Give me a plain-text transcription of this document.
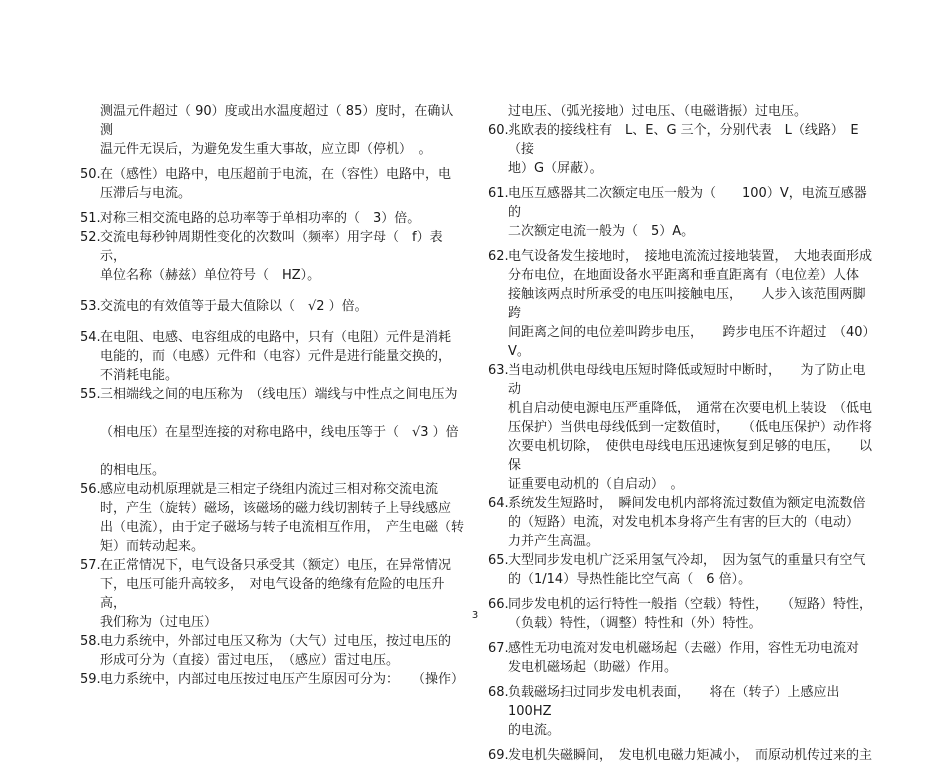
测温元件超过（ 90）度或出水温度超过（ 85）度时，在确认测
温元件无误后，为避免发生重大事故，应立即（停机）　。
50. 在（感性）电路中，电压超前于电流，在（容性）电路中，电
压滞后与电流。
51. 对称三相交流电路的总功率等于单相功率的（　3）倍。
52. 交流电每秒钟周期性变化的次数叫（频率）用字母（　f）表示，
单位名称（赫兹）单位符号（　HZ）。
53. 交流电的有效值等于最大值除以（　√2 ）倍。
54. 在电阻、电感、电容组成的电路中，只有（电阻）元件是消耗
电能的，而（电感）元件和（电容）元件是进行能量交换的，
不消耗电能。
55. 三相端线之间的电压称为　（线电压）端线与中性点之间电压为

（相电压）在星型连接的对称电路中，线电压等于（　√3 ）倍

的相电压。
56. 感应电动机原理就是三相定子绕组内流过三相对称交流电流
时，产生（旋转）磁场，该磁场的磁力线切割转子上导线感应
出（电流），由于定子磁场与转子电流相互作用，　产生电磁（转
矩）而转动起来。
57. 在正常情况下，电气设备只承受其（额定）电压，在异常情况
下，电压可能升高较多，　对电气设备的绝缘有危险的电压升高，
我们称为（过电压）
58. 电力系统中，外部过电压又称为（大气）过电压，按过电压的
形成可分为（直接）雷过电压，　（感应）雷过电压。
59. 电力系统中，内部过电压按过电压产生原因可分为：　　（操作）
过电压、（弧光接地）过电压、（电磁谐振）过电压。
60. 兆欧表的接线柱有　L、E、G 三个，分别代表　L（线路）　E（接
地）G（屏蔽）。
61. 电压互感器其二次额定电压一般为（　　100）V，电流互感器的
二次额定电流一般为（　5）A。
62. 电气设备发生接地时，　接地电流流过接地装置，　大地表面形成
分布电位，在地面设备水平距离和垂直距离有（电位差）人体
接触该两点时所承受的电压叫接触电压，　　人步入该范围两脚跨
间距离之间的电位差叫跨步电压，　　跨步电压不许超过　（40）V。
63. 当电动机供电母线电压短时降低或短时中断时，　　为了防止电动
机自启动使电源电压严重降低，　通常在次要电机上装设　（低电
压保护）当供电母线低到一定数值时，　　（低电压保护）动作将
次要电机切除，　使供电母线电压迅速恢复到足够的电压，　　以保
证重要电动机的（自启动）　。
64. 系统发生短路时，　瞬间发电机内部将流过数值为额定电流数倍
的（短路）电流，对发电机本身将产生有害的巨大的（电动）
力并产生高温。
65. 大型同步发电机广泛采用氢气冷却，　因为氢气的重量只有空气
的（1/14）导热性能比空气高（　6 倍）。
66. 同步发电机的运行特性一般指（空载）特性，　　（短路）特性，
（负载）特性，（调整）特性和（外）特性。
67. 感性无功电流对发电机磁场起（去磁）作用，容性无功电流对
发电机磁场起（助磁）作用。
68. 负载磁场扫过同步发电机表面，　　将在（转子）上感应出　100HZ
的电流。
69. 发电机失磁瞬间，　发电机电磁力矩减小，　而原动机传过来的主
3
